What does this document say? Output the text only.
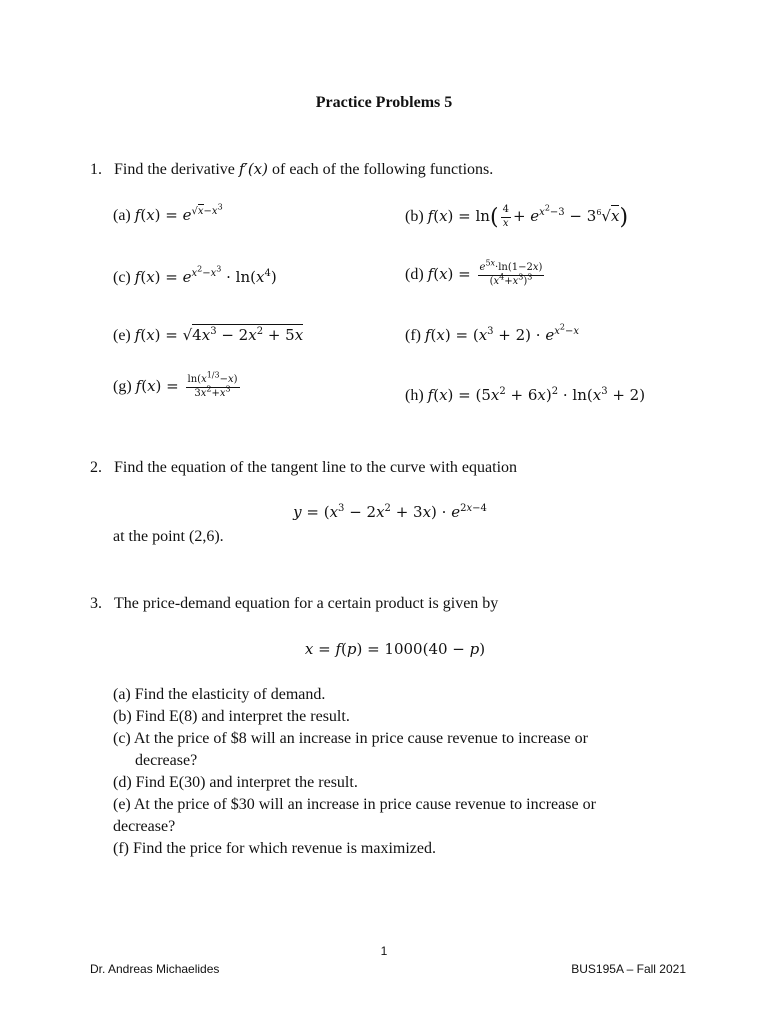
Practice Problems 5
1. Find the derivative f′(x) of each of the following functions.
(a) $f(x) = e^{√x-x^3}$
(b) $f(x) = \ln( \frac{4}{x} + e^{x^2-3} - 3^6√x)$
(c) $f(x) = e^{x^2-x^3} \cdot \ln(x^4)$	(d) $f(x) = \frac{e^{5x}\cdot\ln(1-2x)}{(x^4+x^3)^3}$
(e) $f(x) = √4x^3 - 2x^2 + 5x$	(f) $f(x) = (x^3 + 2) \cdot e^{x^2-x}$
(g) $f(x) = \frac{\ln(x^{1/3}-x)}{3x^2+x^3}$	(h) $f(x) = (5x^2 + 6x)^2 \cdot \ln(x^3 + 2)$
2. Find the equation of the tangent line to the curve with equation
$y = (x^3 - 2x^2 + 3x) \cdot e^{2x-4}$
at the point (2,6).
3. The price-demand equation for a certain product is given by
x = f(p) = 1000(40 − p)
(a) Find the elasticity of demand.
(b) Find E(8) and interpret the result.
(c) At the price of $8 will an increase in price cause revenue to increase or
decrease?
(d) Find E(30) and interpret the result.
(e) At the price of $30 will an increase in price cause revenue to increase or
decrease?
(f) Find the price for which revenue is maximized.
1
Dr. Andreas Michaelides	BUS195A – Fall 2021
